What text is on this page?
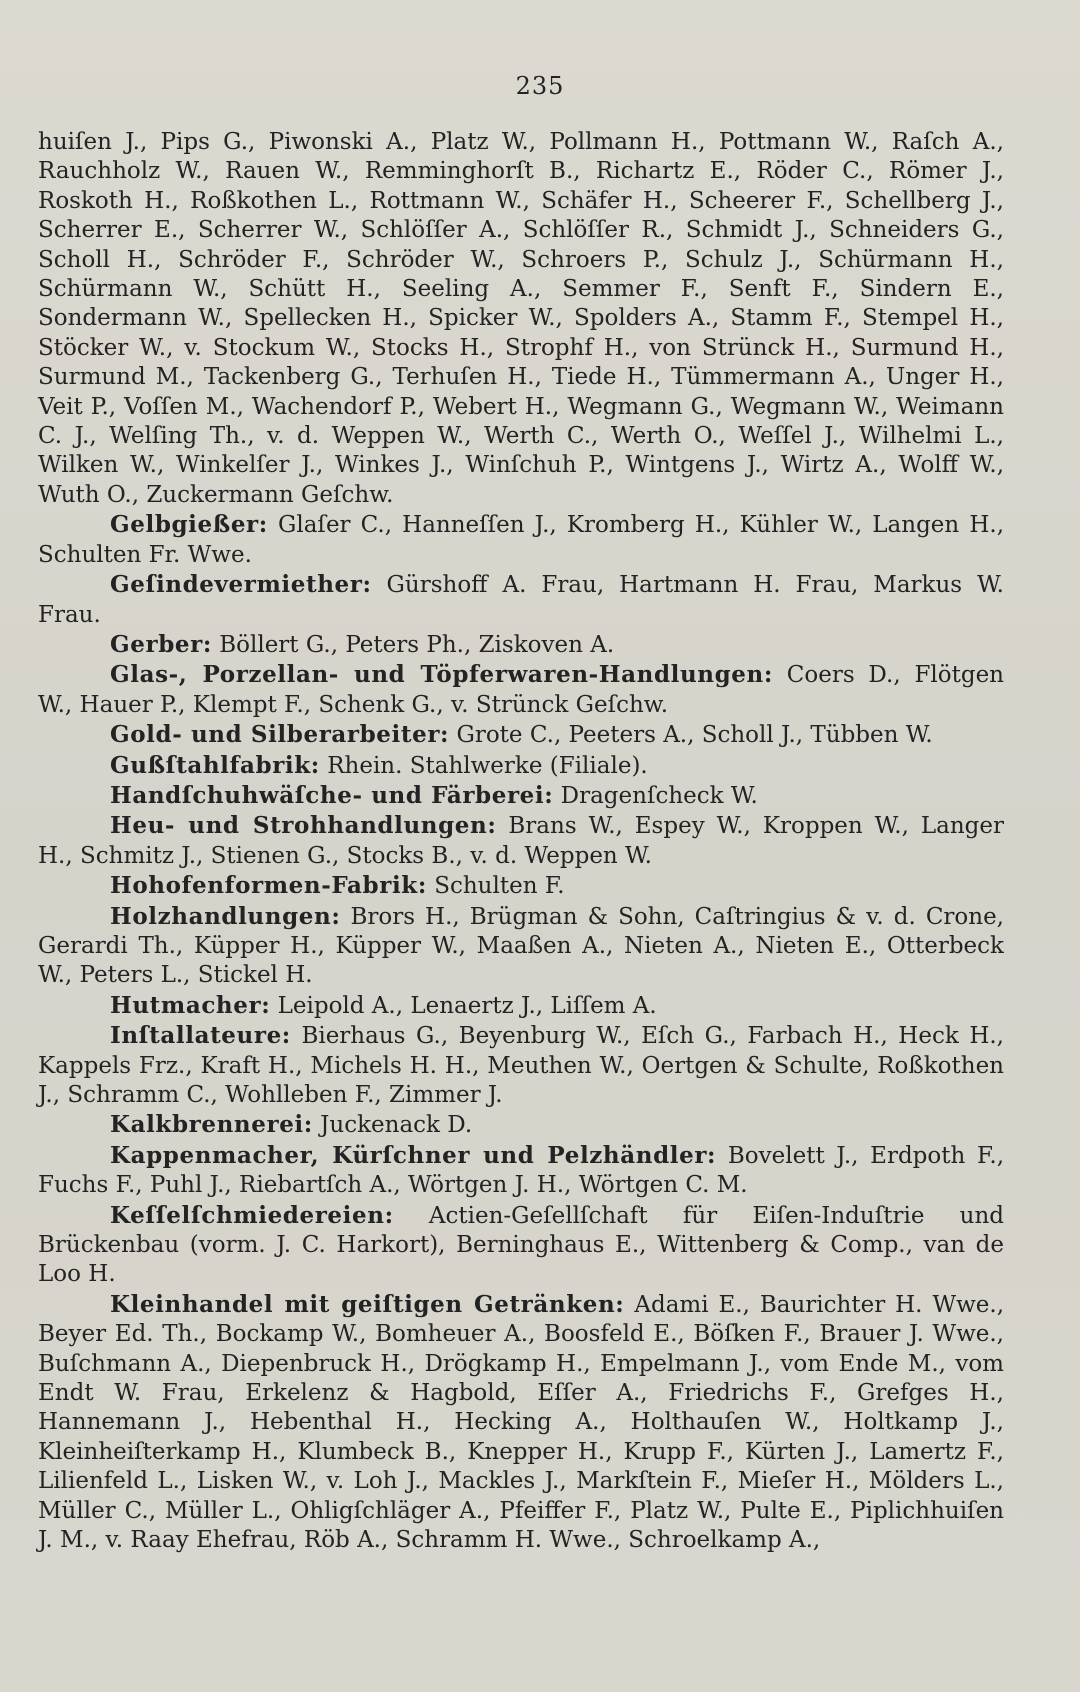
235

huiſen J., Pips G., Piwonski A., Platz W., Pollmann H., Pottmann W., Raſch A., Rauchholz W., Rauen W., Remminghorſt B., Richartz E., Röder C., Römer J., Roskoth H., Roßkothen L., Rottmann W., Schäfer H., Scheerer F., Schellberg J., Scherrer E., Scherrer W., Schlöſſer A., Schlöſſer R., Schmidt J., Schneiders G., Scholl H., Schröder F., Schröder W., Schroers P., Schulz J., Schürmann H., Schürmann W., Schütt H., Seeling A., Semmer F., Senft F., Sindern E., Sondermann W., Spellecken H., Spicker W., Spolders A., Stamm F., Stempel H., Stöcker W., v. Stockum W., Stocks H., Strophf H., von Strünck H., Surmund H., Surmund M., Tackenberg G., Terhuſen H., Tiede H., Tümmermann A., Unger H., Veit P., Voſſen M., Wachendorf P., Webert H., Wegmann G., Wegmann W., Weimann C. J., Welſing Th., v. d. Weppen W., Werth C., Werth O., Weſſel J., Wilhelmi L., Wilken W., Winkelſer J., Winkes J., Winſchuh P., Wintgens J., Wirtz A., Wolff W., Wuth O., Zuckermann Geſchw.

Gelbgießer: Glaſer C., Hanneſſen J., Kromberg H., Kühler W., Langen H., Schulten Fr. Wwe.

Geſindevermiether: Gürshoff A. Frau, Hartmann H. Frau, Markus W. Frau.

Gerber: Böllert G., Peters Ph., Ziskoven A.

Glas-, Porzellan- und Töpferwaren-Handlungen: Coers D., Flötgen W., Hauer P., Klempt F., Schenk G., v. Strünck Geſchw.

Gold- und Silberarbeiter: Grote C., Peeters A., Scholl J., Tübben W.

Gußſtahlfabrik: Rhein. Stahlwerke (Filiale).

Handſchuhwäſche- und Färberei: Dragenſcheck W.

Heu- und Strohhandlungen: Brans W., Espey W., Kroppen W., Langer H., Schmitz J., Stienen G., Stocks B., v. d. Weppen W.

Hohofenformen-Fabrik: Schulten F.

Holzhandlungen: Brors H., Brügman & Sohn, Caſtringius & v. d. Crone, Gerardi Th., Küpper H., Küpper W., Maaßen A., Nieten A., Nieten E., Otterbeck W., Peters L., Stickel H.

Hutmacher: Leipold A., Lenaertz J., Liſſem A.

Inſtallateure: Bierhaus G., Beyenburg W., Eſch G., Farbach H., Heck H., Kappels Frz., Kraft H., Michels H. H., Meuthen W., Oertgen & Schulte, Roßkothen J., Schramm C., Wohlleben F., Zimmer J.

Kalkbrennerei: Juckenack D.

Kappenmacher, Kürſchner und Pelzhändler: Bovelett J., Erdpoth F., Fuchs F., Puhl J., Riebartſch A., Wörtgen J. H., Wörtgen C. M.

Keſſelſchmiedereien: Actien-Geſellſchaft für Eiſen-Induſtrie und Brückenbau (vorm. J. C. Harkort), Berninghaus E., Wittenberg & Comp., van de Loo H.

Kleinhandel mit geiſtigen Getränken: Adami E., Baurichter H. Wwe., Beyer Ed. Th., Bockamp W., Bomheuer A., Boosfeld E., Böſken F., Brauer J. Wwe., Buſchmann A., Diepenbruck H., Drögkamp H., Empelmann J., vom Ende M., vom Endt W. Frau, Erkelenz & Hagbold, Eſſer A., Friedrichs F., Grefges H., Hannemann J., Hebenthal H., Hecking A., Holthauſen W., Holtkamp J., Kleinheiſterkamp H., Klumbeck B., Knepper H., Krupp F., Kürten J., Lamertz F., Lilienfeld L., Lisken W., v. Loh J., Mackles J., Markſtein F., Mieſer H., Mölders L., Müller C., Müller L., Ohligſchläger A., Pfeiffer F., Platz W., Pulte E., Piplichhuiſen J. M., v. Raay Ehefrau, Röb A., Schramm H. Wwe., Schroelkamp A.,
